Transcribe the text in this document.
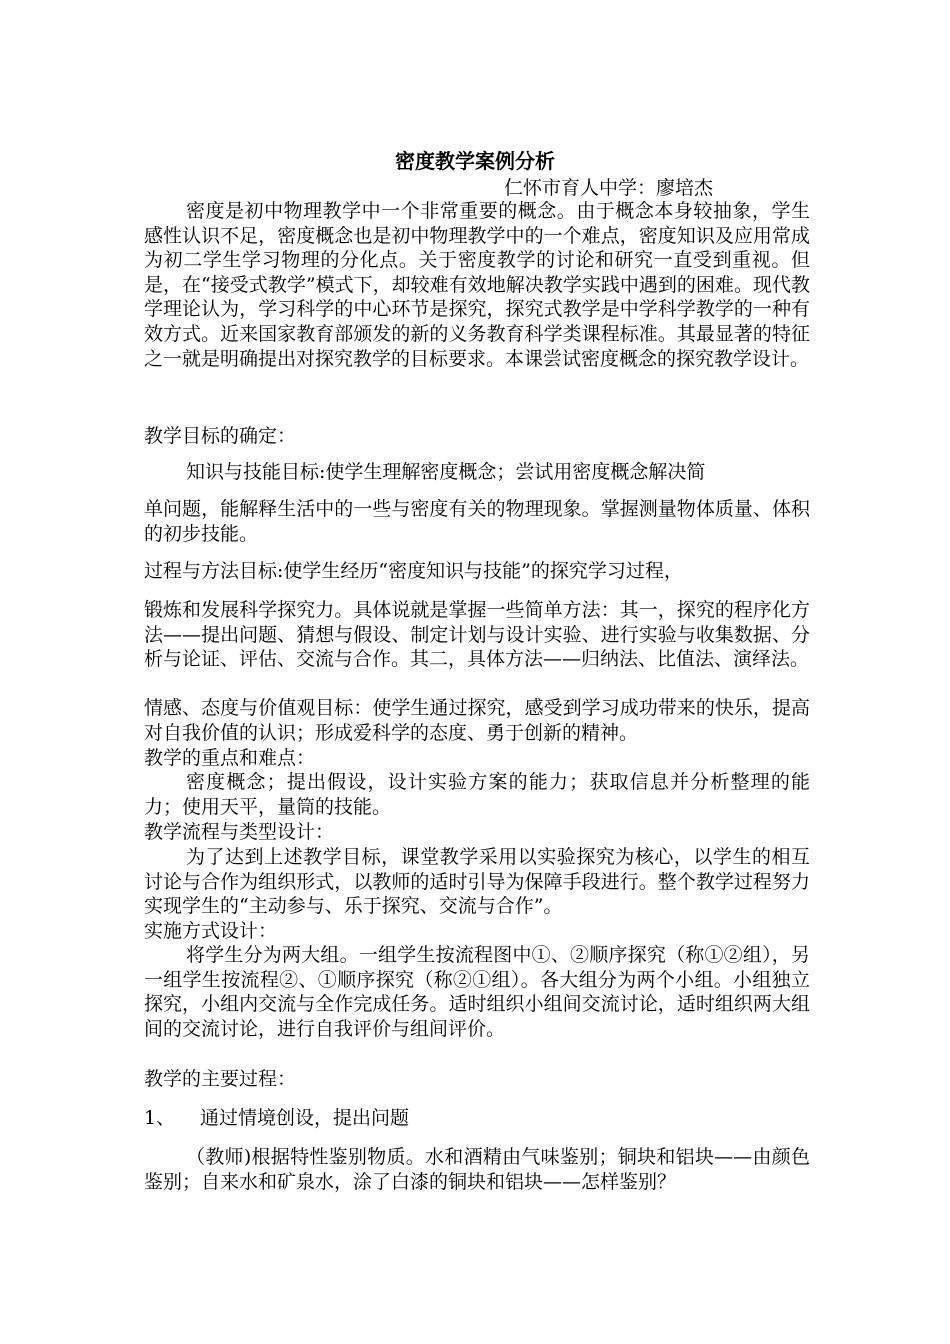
密度教学案例分析
仁怀市育人中学：廖培杰
密度是初中物理教学中一个非常重要的概念。由于概念本身较抽象，学生感性认识不足，密度概念也是初中物理教学中的一个难点，密度知识及应用常成为初二学生学习物理的分化点。关于密度教学的讨论和研究一直受到重视。但是，在“接受式教学”模式下，却较难有效地解决教学实践中遇到的困难。现代教学理论认为，学习科学的中心环节是探究，探究式教学是中学科学教学的一种有效方式。近来国家教育部颁发的新的义务教育科学类课程标准。其最显著的特征之一就是明确提出对探究教学的目标要求。本课尝试密度概念的探究教学设计。
教学目标的确定：
知识与技能目标:使学生理解密度概念；尝试用密度概念解决简
单问题，能解释生活中的一些与密度有关的物理现象。掌握测量物体质量、体积的初步技能。
过程与方法目标:使学生经历“密度知识与技能”的探究学习过程，
锻炼和发展科学探究力。具体说就是掌握一些简单方法：其一，探究的程序化方法——提出问题、猜想与假设、制定计划与设计实验、进行实验与收集数据、分析与论证、评估、交流与合作。其二，具体方法——归纳法、比值法、演绎法。
情感、态度与价值观目标：使学生通过探究，感受到学习成功带来的快乐，提高对自我价值的认识；形成爱科学的态度、勇于创新的精神。
教学的重点和难点：
密度概念；提出假设，设计实验方案的能力；获取信息并分析整理的能力；使用天平，量筒的技能。
教学流程与类型设计：
为了达到上述教学目标，课堂教学采用以实验探究为核心，以学生的相互讨论与合作为组织形式，以教师的适时引导为保障手段进行。整个教学过程努力实现学生的“主动参与、乐于探究、交流与合作”。
实施方式设计：
将学生分为两大组。一组学生按流程图中①、②顺序探究（称①②组），另一组学生按流程②、①顺序探究（称②①组）。各大组分为两个小组。小组独立探究，小组内交流与全作完成任务。适时组织小组间交流讨论，适时组织两大组间的交流讨论，进行自我评价与组间评价。
教学的主要过程：
1、 通过情境创设，提出问题
（教师)根据特性鉴别物质。水和酒精由气味鉴别；铜块和铝块——由颜色鉴别；自来水和矿泉水，涂了白漆的铜块和铝块——怎样鉴别？
